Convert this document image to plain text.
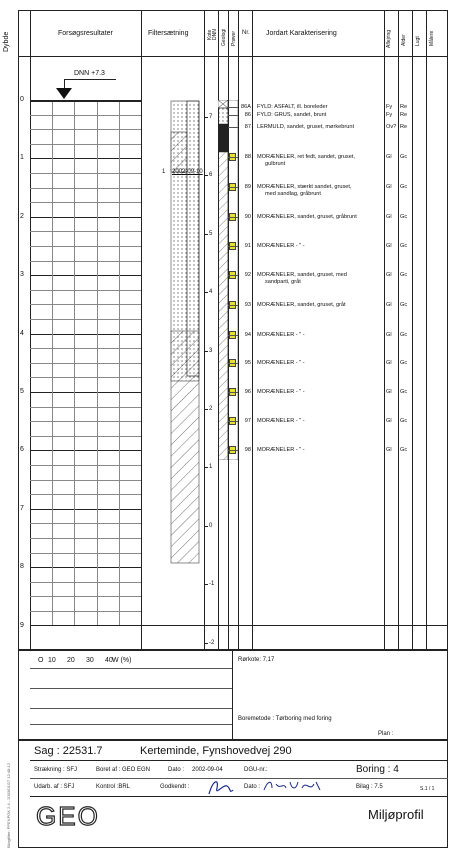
Dybde
Bilagfilter: PPENPOK 2.4 - 2003/01/27 12:48:12
Forsøgsresultater	Filtersætning	Kote DNN Geologi Prøver Nr. Jordart Karakterisering	Aflejring Alder Lugt Målere
DNN +7.3
0
1
2
3
4
5
6
7
8
9
1 2002-09-10
7
6
5
4
3
2
1
0
-1
-2
86A FYLD: ASFALT, ill. boreleder	Fy Re
86 FYLD: GRUS, sandet, brunt	Fy Re
87 LERMULD, sandet, gruset, mørkebrunt	Ov? Re
88 MORÆNELER, ret fedt, sandet, gruset,
gulbrunt
Gl Gc
89 MORÆNELER, stærkt sandet, gruset,
med sandlag, gråbrunt
Gl Gc
90 MORÆNELER, sandet, gruset, gråbrunt	Gl Gc
91 MORÆNELER - " -	Gl Gc
92 MORÆNELER, sandet, gruset, med
sandparti, gråt
Gl Gc
93 MORÆNELER, sandet, gruset, gråt	Gl Gc
94 MORÆNELER - " -	Gl Gc
95 MORÆNELER - " -	Gl Gc
96 MORÆNELER - " -	Gl Gc
97 MORÆNELER - " -	Gl Gc
98 MORÆNELER - " -	Gl Gc
O 10 20 30 40 W (%)	Rørkote: 7,17
Boremetode : Tørboring med foring
Plan :
Sag : 22531.7	Kerteminde, Fynshovedvej 290
Strækning : SFJ	Boret af : GEO EGN	Dato : 2002-09-04	DGU-nr.:	Boring : 4
Udarb. af : SFJ	Kontrol :BRL	Godkendt :	Dato :	Bilag : 7.5	S.1 / 1
GEO	Miljøprofil
